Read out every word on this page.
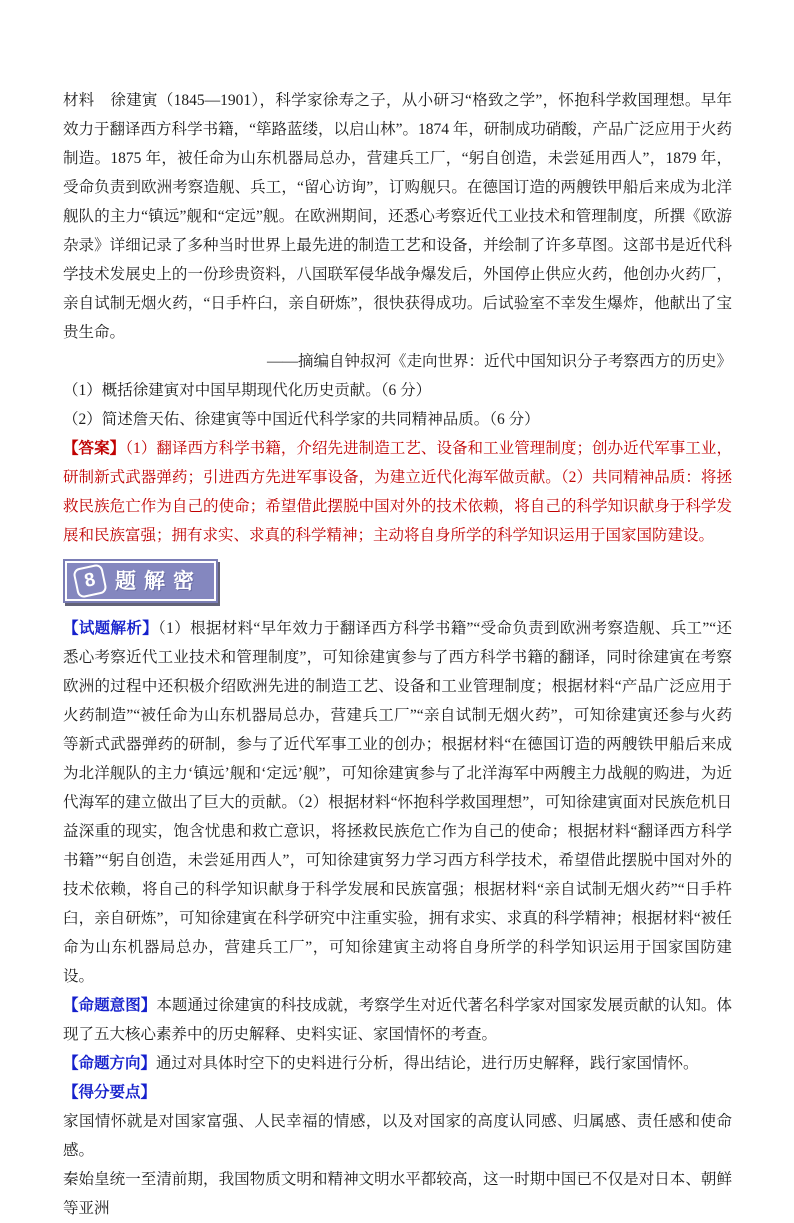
材料　徐建寅（1845—1901），科学家徐寿之子，从小研习“格致之学”，怀抱科学救国理想。早年效力于翻译西方科学书籍，“筚路蓝缕，以启山林”。1874 年，研制成功硝酸，产品广泛应用于火药制造。1875 年，被任命为山东机器局总办，营建兵工厂，“躬自创造，未尝延用西人”，1879 年，受命负责到欧洲考察造舰、兵工，“留心访询”，订购舰只。在德国订造的两艘铁甲船后来成为北洋舰队的主力“镇远”舰和“定远”舰。在欧洲期间，还悉心考察近代工业技术和管理制度，所撰《欧游杂录》详细记录了多种当时世界上最先进的制造工艺和设备，并绘制了许多草图。这部书是近代科学技术发展史上的一份珍贵资料，八国联军侵华战争爆发后，外国停止供应火药，他创办火药厂，亲自试制无烟火药，“日手杵臼，亲自研炼”，很快获得成功。后试验室不幸发生爆炸，他献出了宝贵生命。

——摘编自钟叔河《走向世界：近代中国知识分子考察西方的历史》

（1）概括徐建寅对中国早期现代化历史贡献。（6 分）

（2）简述詹天佑、徐建寅等中国近代科学家的共同精神品质。（6 分）

【答案】（1）翻译西方科学书籍，介绍先进制造工艺、设备和工业管理制度；创办近代军事工业，研制新式武器弹药；引进西方先进军事设备，为建立近代化海军做贡献。（2）共同精神品质：将拯救民族危亡作为自己的使命；希望借此摆脱中国对外的技术依赖，将自己的科学知识献身于科学发展和民族富强；拥有求实、求真的科学精神；主动将自身所学的科学知识运用于国家国防建设。

8 题解密

【试题解析】（1）根据材料“早年效力于翻译西方科学书籍”“受命负责到欧洲考察造舰、兵工”“还悉心考察近代工业技术和管理制度”，可知徐建寅参与了西方科学书籍的翻译，同时徐建寅在考察欧洲的过程中还积极介绍欧洲先进的制造工艺、设备和工业管理制度；根据材料“产品广泛应用于火药制造”“被任命为山东机器局总办，营建兵工厂”“亲自试制无烟火药”，可知徐建寅还参与火药等新式武器弹药的研制，参与了近代军事工业的创办；根据材料“在德国订造的两艘铁甲船后来成为北洋舰队的主力‘镇远’舰和‘定远’舰”，可知徐建寅参与了北洋海军中两艘主力战舰的购进，为近代海军的建立做出了巨大的贡献。（2）根据材料“怀抱科学救国理想”，可知徐建寅面对民族危机日益深重的现实，饱含忧患和救亡意识，将拯救民族危亡作为自己的使命；根据材料“翻译西方科学书籍”“躬自创造，未尝延用西人”，可知徐建寅努力学习西方科学技术，希望借此摆脱中国对外的技术依赖，将自己的科学知识献身于科学发展和民族富强；根据材料“亲自试制无烟火药”“日手杵臼，亲自研炼”，可知徐建寅在科学研究中注重实验，拥有求实、求真的科学精神；根据材料“被任命为山东机器局总办，营建兵工厂”，可知徐建寅主动将自身所学的科学知识运用于国家国防建设。

【命题意图】本题通过徐建寅的科技成就，考察学生对近代著名科学家对国家发展贡献的认知。体现了五大核心素养中的历史解释、史料实证、家国情怀的考查。

【命题方向】通过对具体时空下的史料进行分析，得出结论，进行历史解释，践行家国情怀。

【得分要点】

家国情怀就是对国家富强、人民幸福的情感，以及对国家的高度认同感、归属感、责任感和使命感。

秦始皇统一至清前期，我国物质文明和精神文明水平都较高，这一时期中国已不仅是对日本、朝鲜等亚洲
